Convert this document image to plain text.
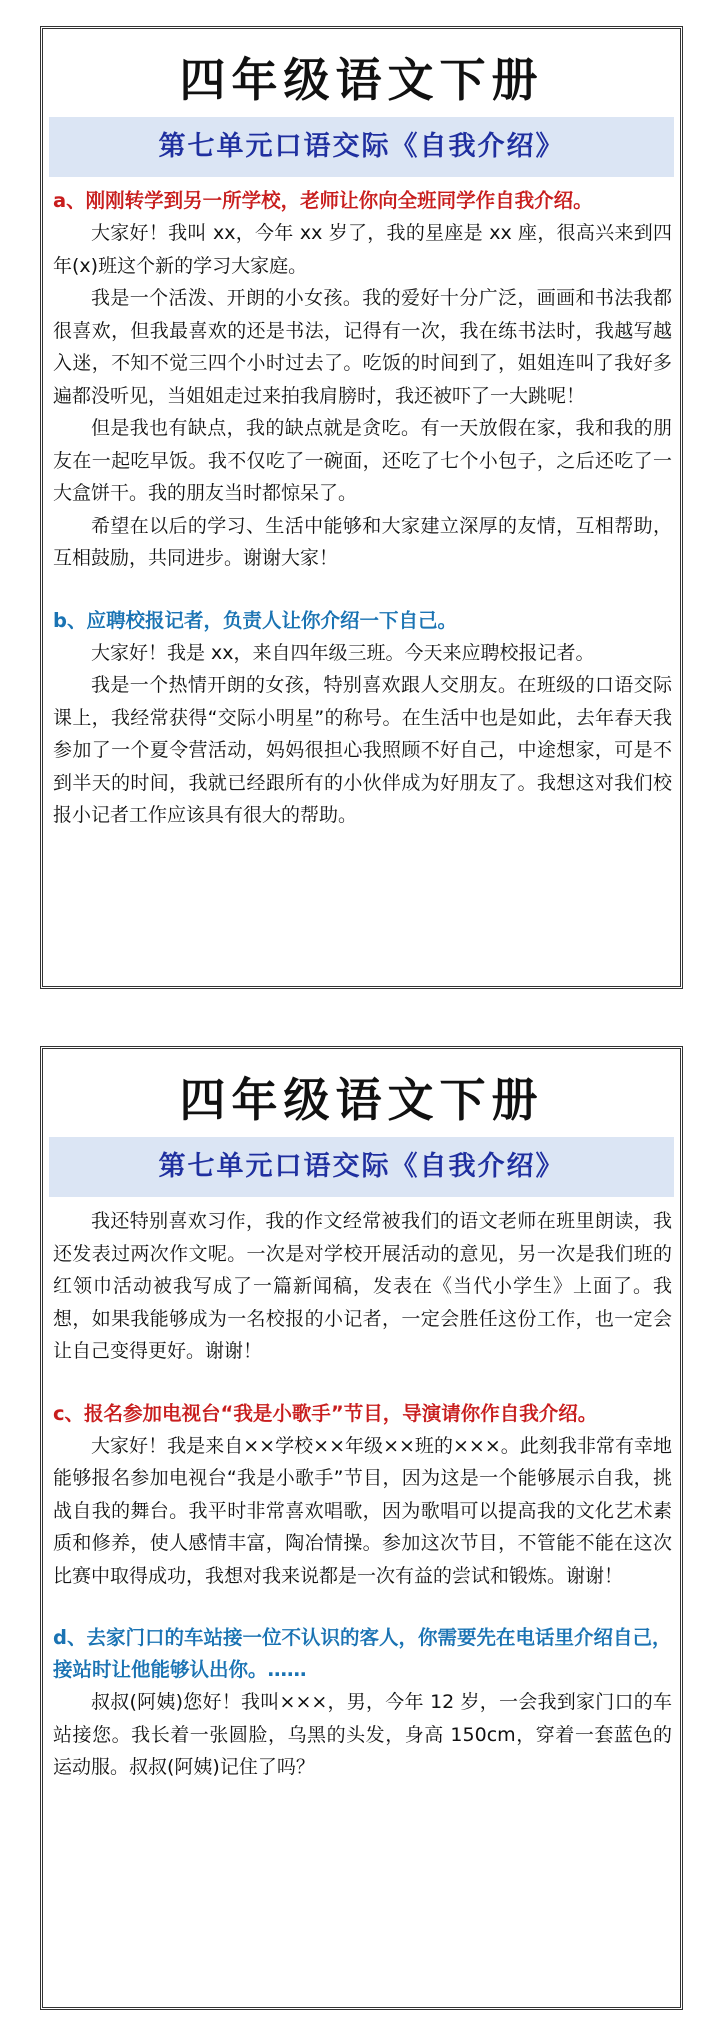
四年级语文下册
第七单元口语交际《自我介绍》
a、刚刚转学到另一所学校，老师让你向全班同学作自我介绍。

大家好！我叫 xx，今年 xx 岁了，我的星座是 xx 座，很高兴来到四年(x)班这个新的学习大家庭。

我是一个活泼、开朗的小女孩。我的爱好十分广泛，画画和书法我都很喜欢，但我最喜欢的还是书法，记得有一次，我在练书法时，我越写越入迷，不知不觉三四个小时过去了。吃饭的时间到了，姐姐连叫了我好多遍都没听见，当姐姐走过来拍我肩膀时，我还被吓了一大跳呢！

但是我也有缺点，我的缺点就是贪吃。有一天放假在家，我和我的朋友在一起吃早饭。我不仅吃了一碗面，还吃了七个小包子，之后还吃了一大盒饼干。我的朋友当时都惊呆了。

希望在以后的学习、生活中能够和大家建立深厚的友情，互相帮助，互相鼓励，共同进步。谢谢大家！

b、应聘校报记者，负责人让你介绍一下自己。

大家好！我是 xx，来自四年级三班。今天来应聘校报记者。

我是一个热情开朗的女孩，特别喜欢跟人交朋友。在班级的口语交际课上，我经常获得“交际小明星”的称号。在生活中也是如此，去年春天我参加了一个夏令营活动，妈妈很担心我照顾不好自己，中途想家，可是不到半天的时间，我就已经跟所有的小伙伴成为好朋友了。我想这对我们校报小记者工作应该具有很大的帮助。

四年级语文下册
第七单元口语交际《自我介绍》

我还特别喜欢习作，我的作文经常被我们的语文老师在班里朗读，我还发表过两次作文呢。一次是对学校开展活动的意见，另一次是我们班的红领巾活动被我写成了一篇新闻稿，发表在《当代小学生》上面了。我想，如果我能够成为一名校报的小记者，一定会胜任这份工作，也一定会让自己变得更好。谢谢！

c、报名参加电视台“我是小歌手”节目，导演请你作自我介绍。

大家好！我是来自××学校××年级××班的×××。此刻我非常有幸地能够报名参加电视台“我是小歌手”节目，因为这是一个能够展示自我，挑战自我的舞台。我平时非常喜欢唱歌，因为歌唱可以提高我的文化艺术素质和修养，使人感情丰富，陶冶情操。参加这次节目，不管能不能在这次比赛中取得成功，我想对我来说都是一次有益的尝试和锻炼。谢谢！

d、去家门口的车站接一位不认识的客人，你需要先在电话里介绍自己，接站时让他能够认出你。……

叔叔(阿姨)您好！我叫×××，男，今年 12 岁，一会我到家门口的车站接您。我长着一张圆脸，乌黑的头发，身高 150cm，穿着一套蓝色的运动服。叔叔(阿姨)记住了吗？
